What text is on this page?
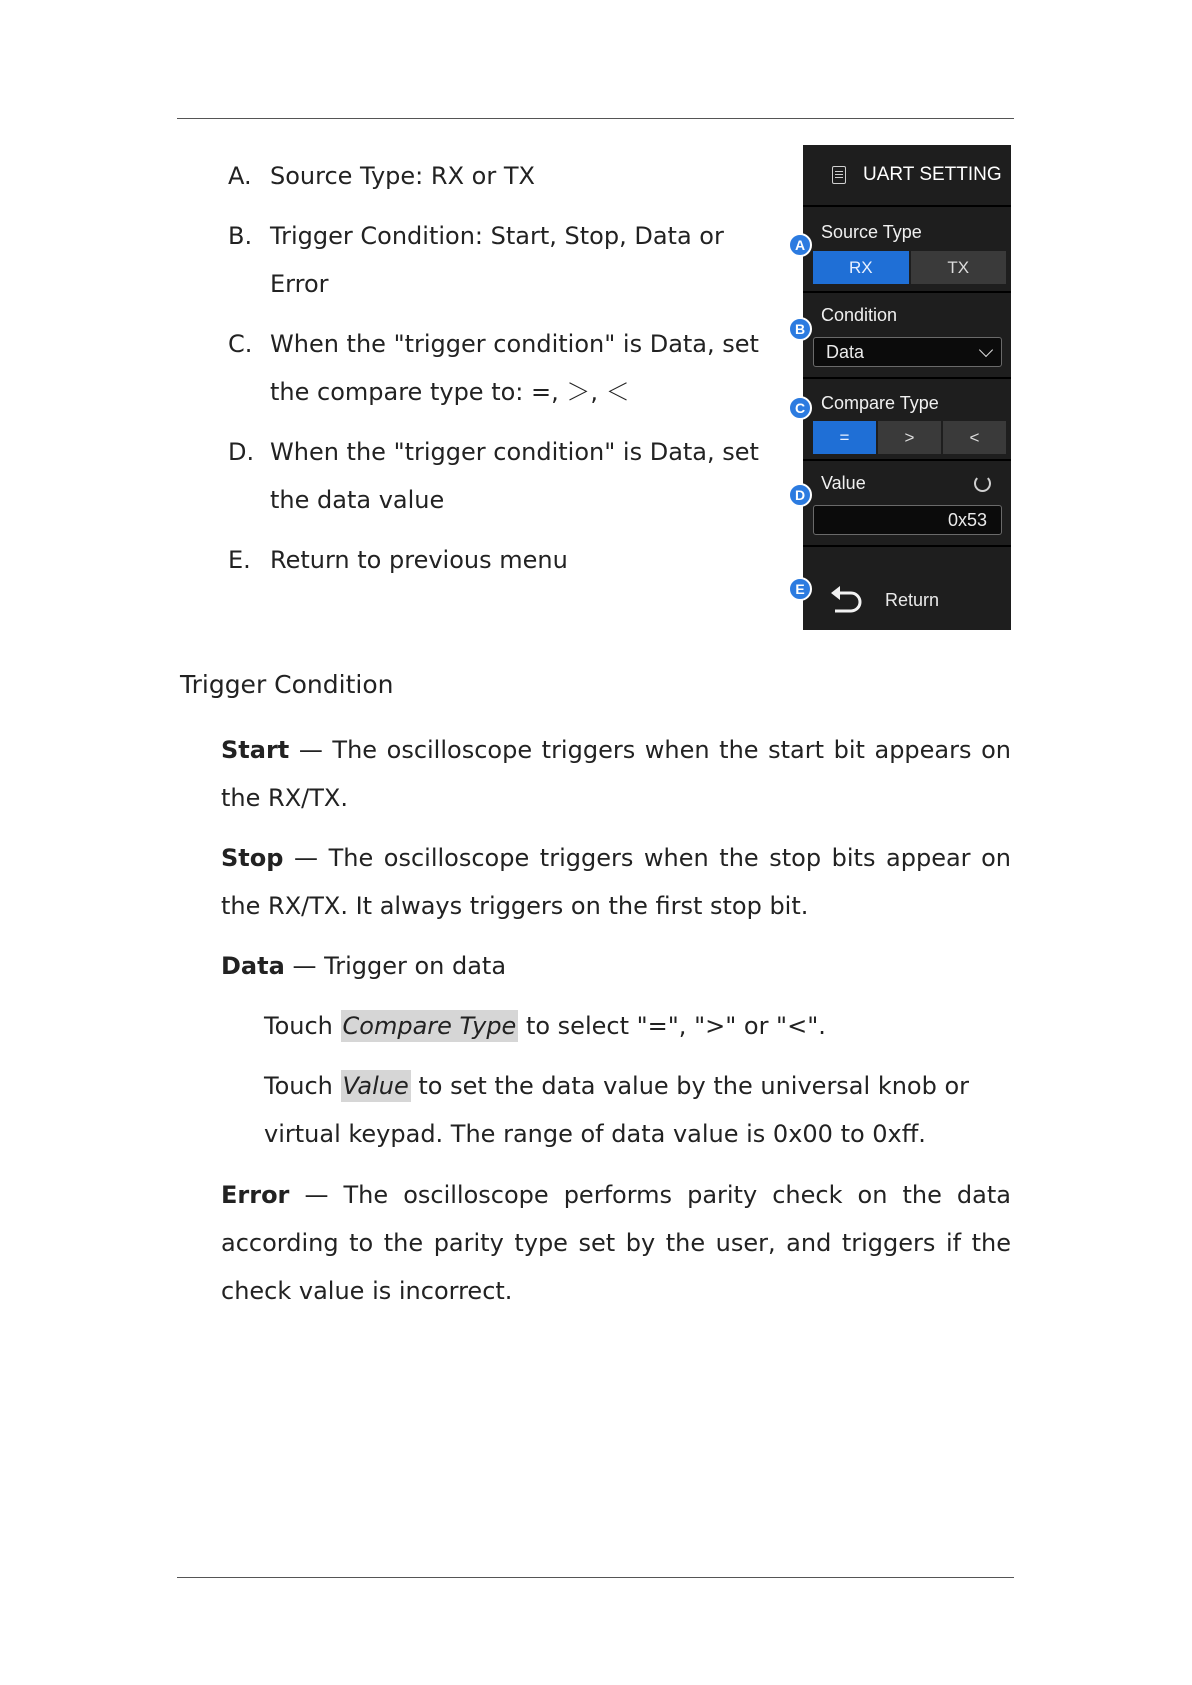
A. Source Type: RX or TX
B. Trigger Condition: Start, Stop, Data or Error
C. When the "trigger condition" is Data, set the compare type to: =, ＞, ＜
D. When the "trigger condition" is Data, set the data value
E. Return to previous menu
UART SETTING
Source Type
RX	TX
Condition
Data
Compare Type
=	>	<
Value
0x53
Return
A
B
C
D
E
Trigger Condition
Start — The oscilloscope triggers when the start bit appears on the RX/TX.
Stop — The oscilloscope triggers when the stop bits appear on the RX/TX. It always triggers on the first stop bit.
Data — Trigger on data
Touch Compare Type to select "=", ">" or "<".
Touch Value to set the data value by the universal knob or virtual keypad. The range of data value is 0x00 to 0xff.
Error — The oscilloscope performs parity check on the data according to the parity type set by the user, and triggers if the check value is incorrect.
